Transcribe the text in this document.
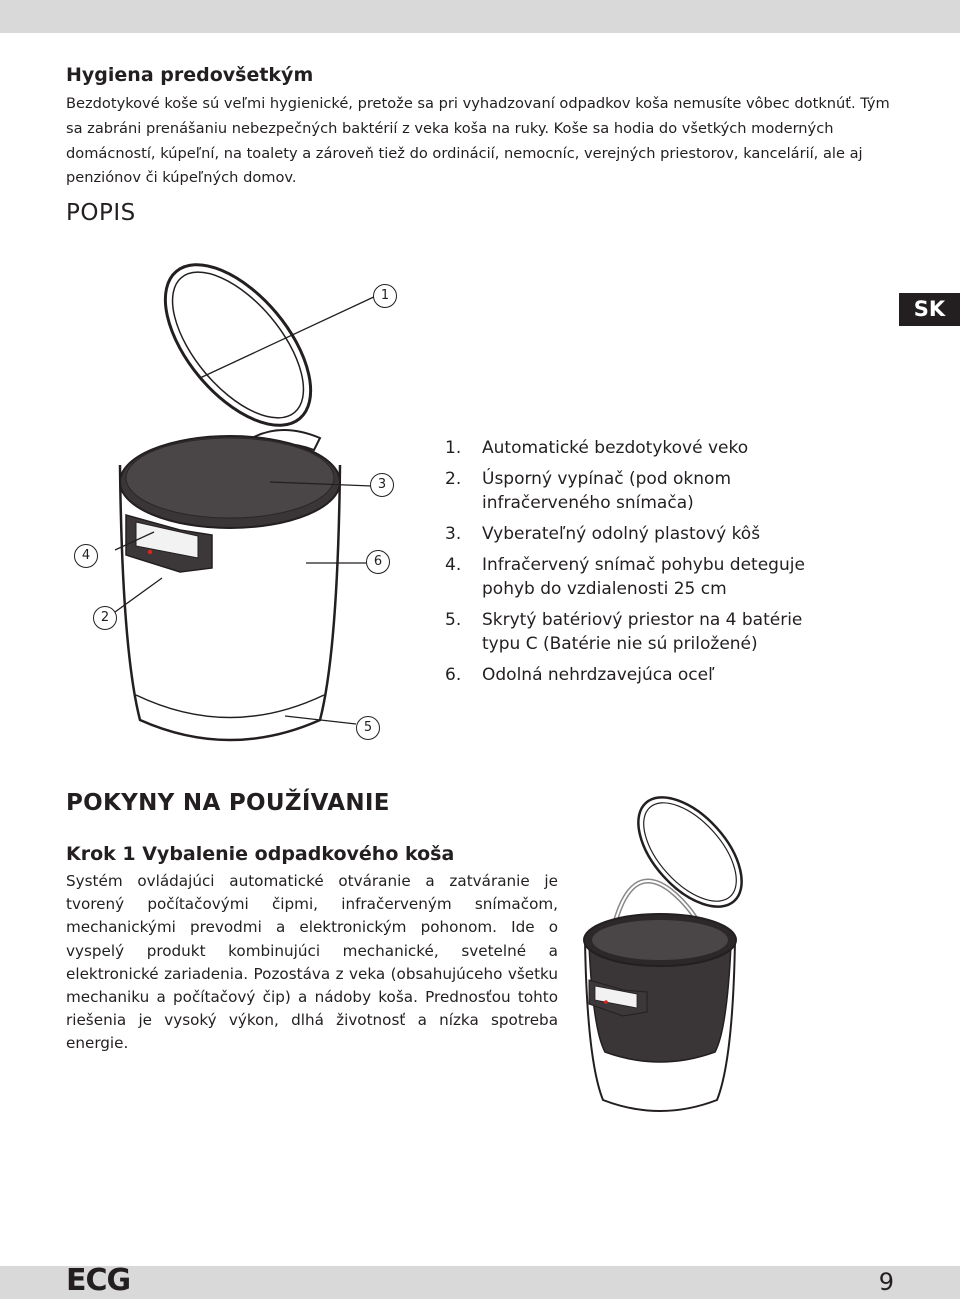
Hygiena predovšetkým

Bezdotykové koše sú veľmi hygienické, pretože sa pri vyhadzovaní odpadkov koša nemusíte vôbec dotknúť. Tým sa zabráni prenášaniu nebezpečných baktérií z veka koša na ruky. Koše sa hodia do všetkých moderných domácností, kúpeľní, na toalety a zároveň tiež do ordinácií, nemocníc, verejných priestorov, kancelárií, ale aj penziónov či kúpeľných domov.

POPIS
SK
1
2
3
4
5
6
1.	Automatické bezdotykové veko
2.	Úsporný vypínač (pod oknom infračerveného snímača)
3.	Vyberateľný odolný plastový kôš
4.	Infračervený snímač pohybu deteguje pohyb do vzdialenosti 25 cm
5.	Skrytý batériový priestor na 4 batérie typu C (Batérie nie sú priložené)
6.	Odolná nehrdzavejúca oceľ
POKYNY NA POUŽÍVANIE
Krok 1 Vybalenie odpadkového koša

Systém ovládajúci automatické otváranie a zatváranie je tvorený počítačovými čipmi, infračerveným snímačom, mechanickými prevodmi a elektronickým pohonom. Ide o vyspelý produkt kombinujúci mechanické, svetelné a elektronické zariadenia. Pozostáva z veka (obsahujúceho všetku mechaniku a počítačový čip) a nádoby koša. Prednosťou tohto riešenia je vysoký výkon, dlhá životnosť a nízka spotreba energie.

ECG	9
